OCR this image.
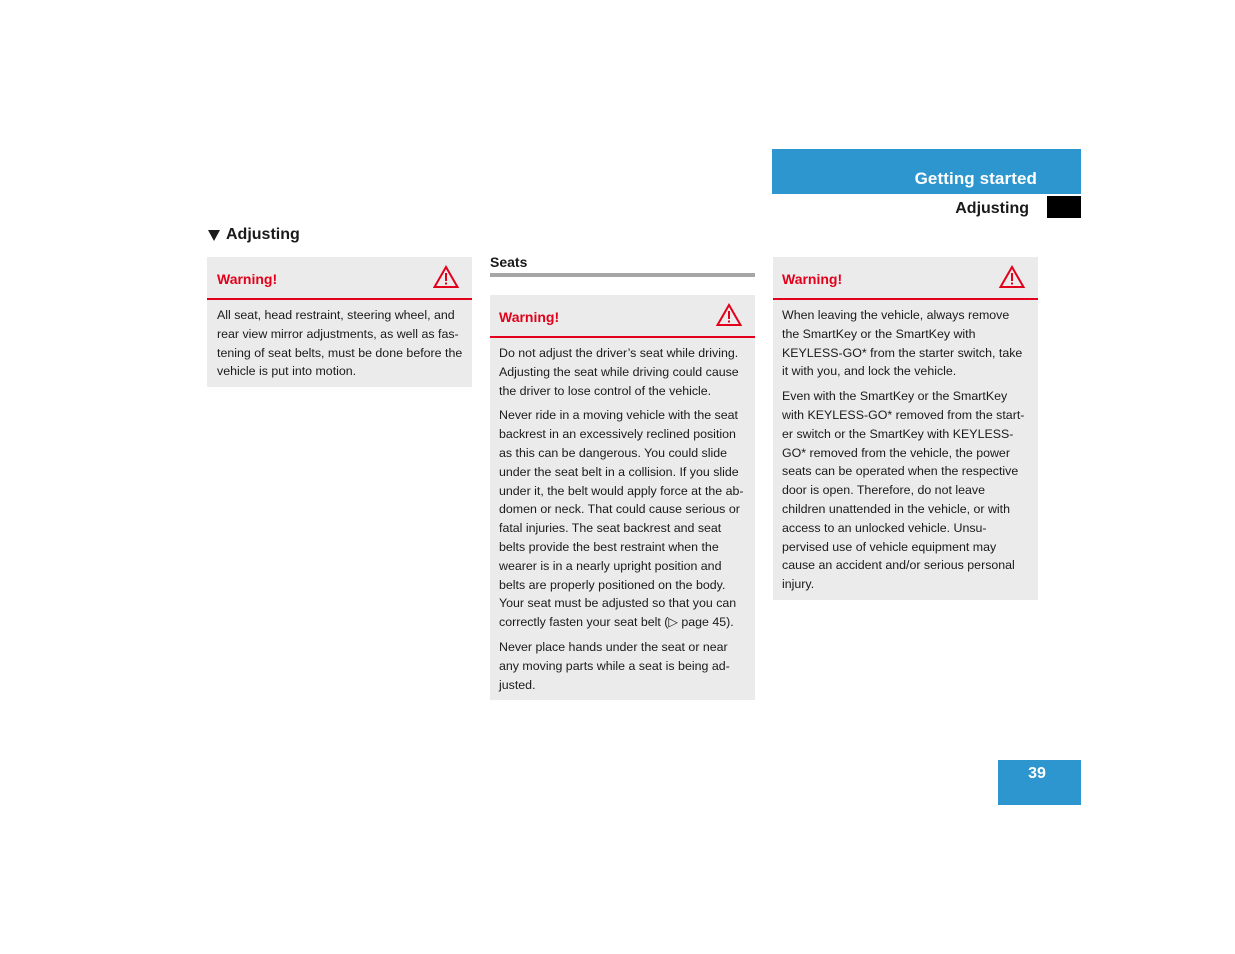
Getting started
Adjusting
Adjusting
Warning!

All seat, head restraint, steering wheel, and rear view mirror adjustments, as well as fas-tening of seat belts, must be done before the vehicle is put into motion.

Seats
Warning!

Do not adjust the driver’s seat while driving. Adjusting the seat while driving could cause the driver to lose control of the vehicle.

Never ride in a moving vehicle with the seat backrest in an excessively reclined position as this can be dangerous. You could slide under the seat belt in a collision. If you slide under it, the belt would apply force at the ab-domen or neck. That could cause serious or fatal injuries. The seat backrest and seat belts provide the best restraint when the wearer is in a nearly upright position and belts are properly positioned on the body. Your seat must be adjusted so that you can correctly fasten your seat belt (▷ page 45).

Never place hands under the seat or near any moving parts while a seat is being ad-justed.

Warning!

When leaving the vehicle, always remove the SmartKey or the SmartKey with KEYLESS-GO* from the starter switch, take it with you, and lock the vehicle.

Even with the SmartKey or the SmartKey with KEYLESS-GO* removed from the start-er switch or the SmartKey with KEYLESS-GO* removed from the vehicle, the power seats can be operated when the respective door is open. Therefore, do not leave children unattended in the vehicle, or with access to an unlocked vehicle. Unsu-pervised use of vehicle equipment may cause an accident and/or serious personal injury.

39
